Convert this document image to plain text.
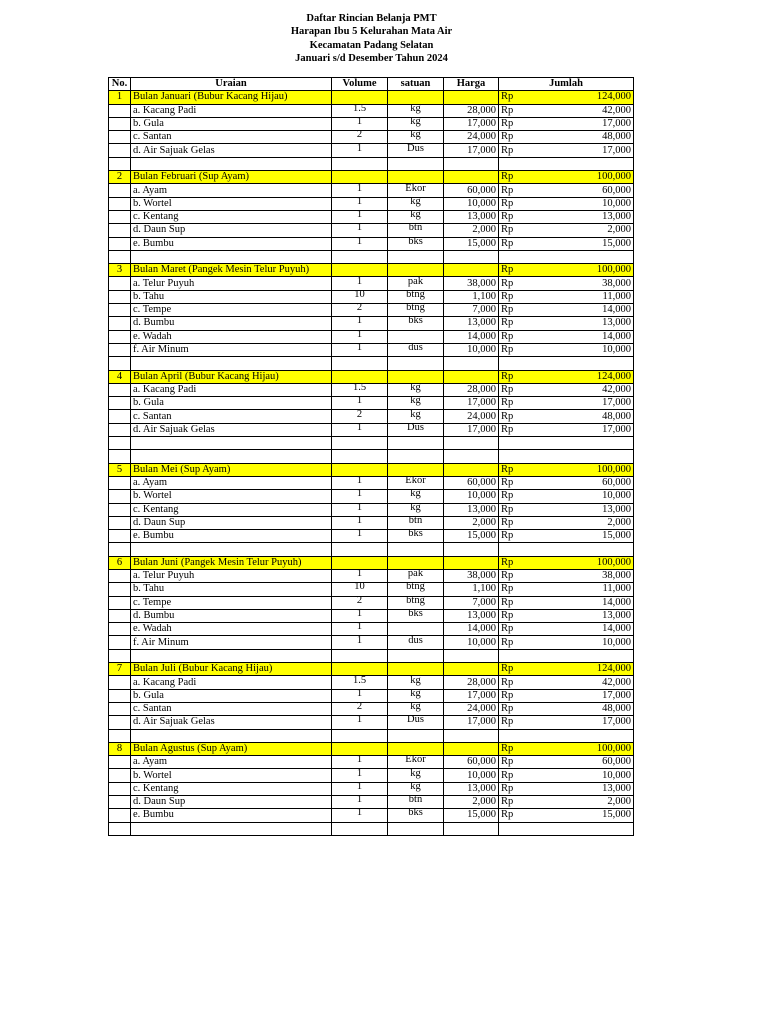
Daftar Rincian Belanja PMT
Harapan Ibu 5 Kelurahan Mata Air
Kecamatan Padang Selatan
Januari s/d Desember Tahun 2024
No.	Uraian	Volume	satuan	Harga	Jumlah	
1	Bulan Januari (Bubur Kacang Hijau)				Rp	124,000
	a. Kacang Padi	1.5	kg	28,000	Rp	42,000
	b. Gula	1	kg	17,000	Rp	17,000
	c. Santan	2	kg	24,000	Rp	48,000
	d. Air Sajuak Gelas	1	Dus	17,000	Rp	17,000

2	Bulan Februari (Sup Ayam)				Rp	100,000
	a. Ayam	1	Ekor	60,000	Rp	60,000
	b. Wortel	1	kg	10,000	Rp	10,000
	c. Kentang	1	kg	13,000	Rp	13,000
	d. Daun Sup	1	btn	2,000	Rp	2,000
	e. Bumbu	1	bks	15,000	Rp	15,000

3	Bulan Maret (Pangek Mesin Telur Puyuh)				Rp	100,000
	a. Telur Puyuh	1	pak	38,000	Rp	38,000
	b. Tahu	10	btng	1,100	Rp	11,000
	c. Tempe	2	btng	7,000	Rp	14,000
	d. Bumbu	1	bks	13,000	Rp	13,000
	e. Wadah	1		14,000	Rp	14,000
	f. Air Minum	1	dus	10,000	Rp	10,000

4	Bulan April (Bubur Kacang Hijau)				Rp	124,000
	a. Kacang Padi	1.5	kg	28,000	Rp	42,000
	b. Gula	1	kg	17,000	Rp	17,000
	c. Santan	2	kg	24,000	Rp	48,000
	d. Air Sajuak Gelas	1	Dus	17,000	Rp	17,000

5	Bulan Mei (Sup Ayam)				Rp	100,000
	a. Ayam	1	Ekor	60,000	Rp	60,000
	b. Wortel	1	kg	10,000	Rp	10,000
	c. Kentang	1	kg	13,000	Rp	13,000
	d. Daun Sup	1	btn	2,000	Rp	2,000
	e. Bumbu	1	bks	15,000	Rp	15,000

6	Bulan Juni (Pangek Mesin Telur Puyuh)				Rp	100,000
	a. Telur Puyuh	1	pak	38,000	Rp	38,000
	b. Tahu	10	btng	1,100	Rp	11,000
	c. Tempe	2	btng	7,000	Rp	14,000
	d. Bumbu	1	bks	13,000	Rp	13,000
	e. Wadah	1		14,000	Rp	14,000
	f. Air Minum	1	dus	10,000	Rp	10,000

7	Bulan Juli (Bubur Kacang Hijau)				Rp	124,000
	a. Kacang Padi	1.5	kg	28,000	Rp	42,000
	b. Gula	1	kg	17,000	Rp	17,000
	c. Santan	2	kg	24,000	Rp	48,000
	d. Air Sajuak Gelas	1	Dus	17,000	Rp	17,000

8	Bulan Agustus (Sup Ayam)				Rp	100,000
	a. Ayam	1	Ekor	60,000	Rp	60,000
	b. Wortel	1	kg	10,000	Rp	10,000
	c. Kentang	1	kg	13,000	Rp	13,000
	d. Daun Sup	1	btn	2,000	Rp	2,000
	e. Bumbu	1	bks	15,000	Rp	15,000
